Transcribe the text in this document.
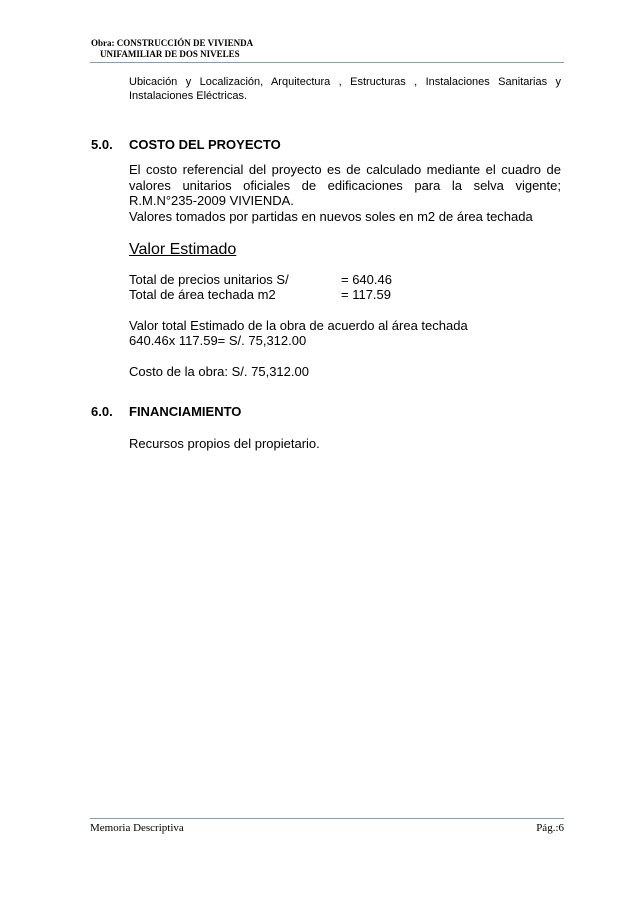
Obra: CONSTRUCCIÓN DE VIVIENDA
UNIFAMILIAR DE DOS NIVELES
Ubicación y Localización, Arquitectura , Estructuras , Instalaciones Sanitarias y
Instalaciones Eléctricas.
5.0. COSTO DEL PROYECTO
El costo referencial del proyecto es de calculado mediante el cuadro de
valores unitarios oficiales de edificaciones para la selva vigente;
R.M.N°235-2009 VIVIENDA.
Valores tomados por partidas en nuevos soles en m2 de área techada
Valor Estimado
Total de precios unitarios S/	= 640.46
Total de área techada m2	= 117.59
Valor total Estimado de la obra de acuerdo al área techada
640.46x 117.59= S/. 75,312.00
Costo de la obra: S/. 75,312.00
6.0. FINANCIAMIENTO
Recursos propios del propietario.
Memoria Descriptiva	Pág.:6
